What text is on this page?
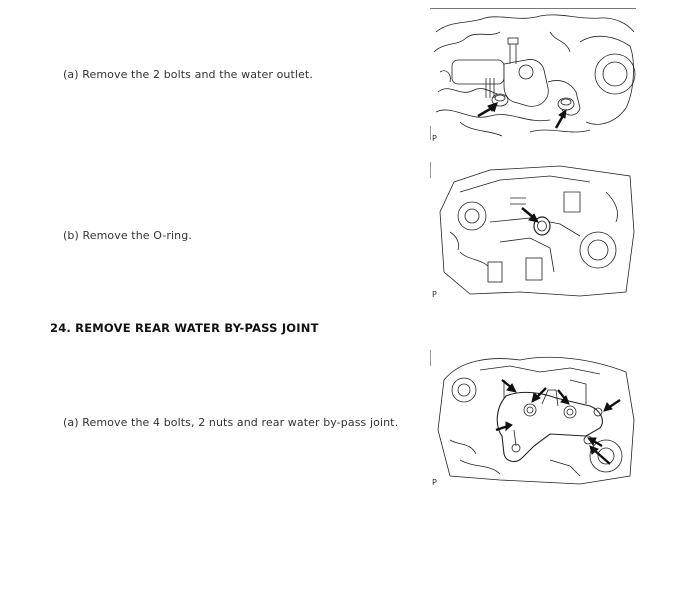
(a) Remove the 2 bolts and the water outlet.
P
(b) Remove the O-ring.
P
24. REMOVE REAR WATER BY-PASS JOINT
(a) Remove the 4 bolts, 2 nuts and rear water by-pass joint.
P
